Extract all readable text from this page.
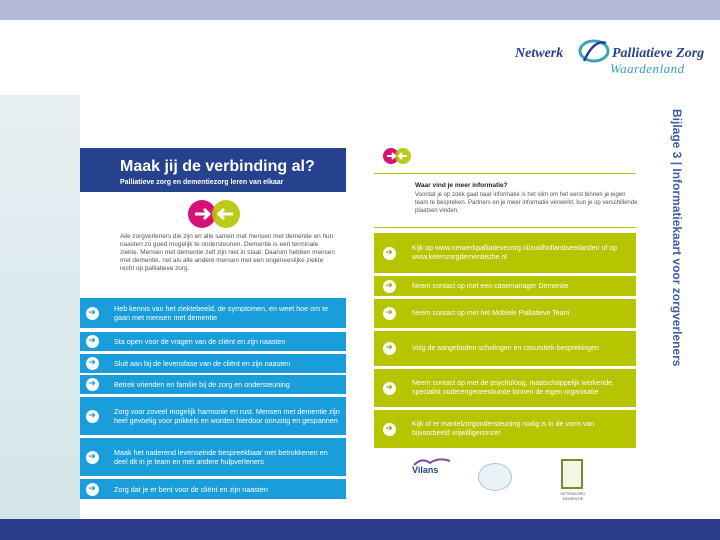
Netwerk	Palliatieve Zorg
Waardenland
Maak jij de verbinding al?
Palliatieve zorg en dementiezorg leren van elkaar
Alle zorgverleners die zijn en alle samen met mensen met dementie en hun naasten zo goed mogelijk te ondersteunen. Dementie is een terminale ziekte. Mensen met dementie zelf zijn niet in staat. Daarom hebben mensen met dementie, net als alle andere mensen met een ongeneeslijke ziekte recht op palliatieve zorg.
➜	Heb kennis van het ziektebeeld, de symptomen, en weet hoe om te gaan met mensen met dementie
➜	Sta open voor de vragen van de cliënt en zijn naasten
➜	Sluit aan bij de levensfase van de cliënt en zijn naasten
➜	Betrek vrienden en familie bij de zorg en ondersteuning
➜	Zorg voor zoveel mogelijk harmonie en rust. Mensen met dementie zijn heel gevoelig voor prikkels en worden hierdoor onrustig en gespannen
➜	Maak het naderend levenseinde bespreekbaar met betrokkenen en deel dit in je team en met andere hulpverleners
➜	Zorg dat je er bent voor de cliënt en zijn naasten
Waar vind je meer informatie?
Voordat je op zoek gaat naar informatie is het slim om het eerst binnen je eigen team te bespreken. Partners en je meer informatie verwerkt, kun je op verschillende plaatsen vinden.
➜	Kijk op www.netwerkpalliatievezorg.nl/zuidhollandseeilanden of op www.ketenzorgdementiezhe.nl
➜	Neem contact op met een casemanager Dementie
➜	Neem contact op met het Mobiele Palliatieve Team
➜	Volg de aangeboden scholingen en casuïstiek-besprekingen
➜	Neem contact op met de psycholoog, maatschappelijk werkende, specialist ouderengeneeskunde binnen de eigen organisatie
➜	Kijk of er mantelzorgondersteuning nodig is in de vorm van bijvoorbeeld vrijwilligersinzet
Vilans
KETENZORG DEMENTIE
Bijlage 3 | Informatiekaart voor zorgverleners
